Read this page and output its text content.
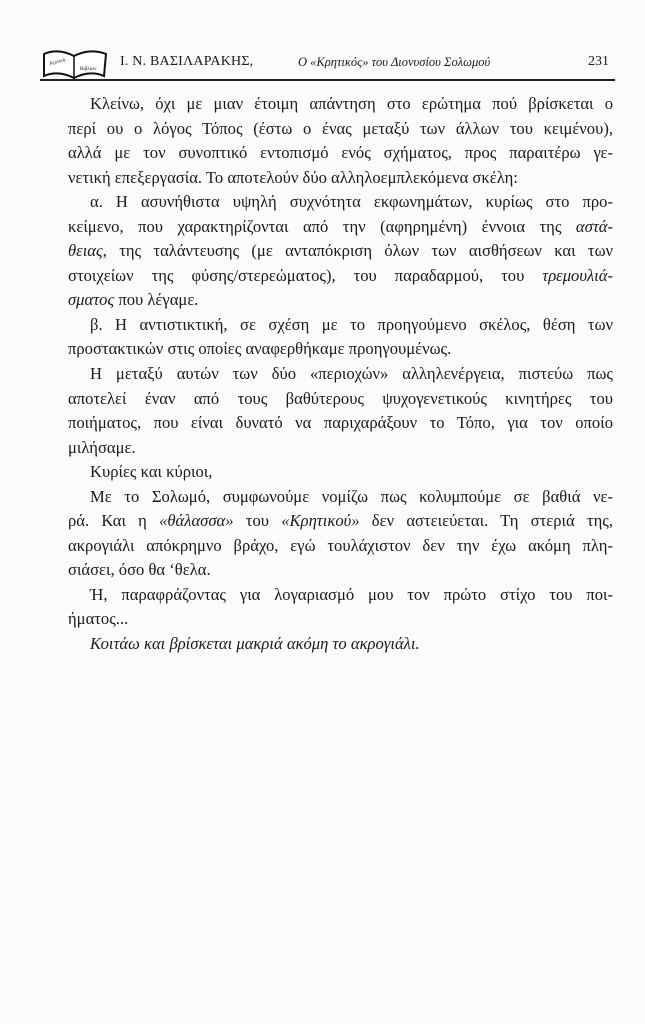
Κριτική
Βιβλίων
Ι. Ν. ΒΑΣΙΛΑΡΑΚΗΣ,	Ο «Κρητικός» του Διονυσίου Σολωμού	231
Κλείνω, όχι με μιαν έτοιμη απάντηση στο ερώτημα πού βρίσκεται ο
περί ου ο λόγος Τόπος (έστω ο ένας μεταξύ των άλλων του κειμένου),
αλλά με τον συνοπτικό εντοπισμό ενός σχήματος, προς παραιτέρω γε-
νετική επεξεργασία. Το αποτελούν δύο αλληλοεμπλεκόμενα σκέλη:
α. Η ασυνήθιστα υψηλή συχνότητα εκφωνημάτων, κυρίως στο προ-
κείμενο, που χαρακτηρίζονται από την (αφηρημένη) έννοια της αστά-
θειας, της ταλάντευσης (με ανταπόκριση όλων των αισθήσεων και των
στοιχείων της φύσης/στερεώματος), του παραδαρμού, του τρεμουλιά-
σματος που λέγαμε.
β. Η αντιστικτική, σε σχέση με το προηγούμενο σκέλος, θέση των
προστακτικών στις οποίες αναφερθήκαμε προηγουμένως.
Η μεταξύ αυτών των δύο «περιοχών» αλληλενέργεια, πιστεύω πως
αποτελεί έναν από τους βαθύτερους ψυχογενετικούς κινητήρες του
ποιήματος, που είναι δυνατό να παριχαράξουν το Τόπο, για τον οποίο
μιλήσαμε.
Κυρίες και κύριοι,
Με το Σολωμό, συμφωνούμε νομίζω πως κολυμπούμε σε βαθιά νε-
ρά. Και η «θάλασσα» του «Κρητικού» δεν αστειεύεται. Τη στεριά της,
ακρογιάλι απόκρημνο βράχο, εγώ τουλάχιστον δεν την έχω ακόμη πλη-
σιάσει, όσο θα ‘θελα.
Ή, παραφράζοντας για λογαριασμό μου τον πρώτο στίχο του ποι-
ήματος...
Κοιτάω και βρίσκεται μακριά ακόμη το ακρογιάλι.
